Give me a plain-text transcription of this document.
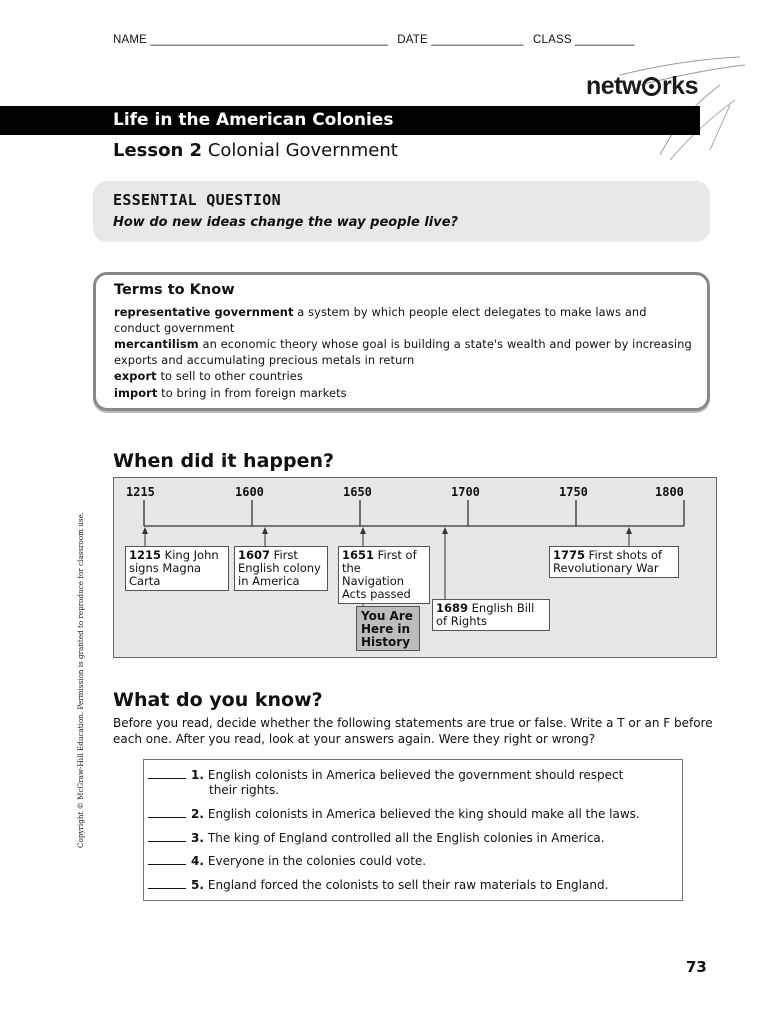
NAME ____________________________________ DATE ______________ CLASS _________
netw rks
Life in the American Colonies
Lesson 2 Colonial Government
ESSENTIAL QUESTION
How do new ideas change the way people live?
Terms to Know
representative government a system by which people elect delegates to make laws and conduct government
mercantilism an economic theory whose goal is building a state's wealth and power by increasing exports and accumulating precious metals in return
export to sell to other countries
import to bring in from foreign markets
When did it happen?
1215	1600	1650	1700	1750	1800
1215 King John signs Magna Carta
1607 First English colony in America
1651 First of the Navigation Acts passed
1689 English Bill of Rights
1775 First shots of Revolutionary War
You Are Here in History
What do you know?
Before you read, decide whether the following statements are true or false. Write a T or an F before each one. After you read, look at your answers again. Were they right or wrong?
1. English colonists in America believed the government should respect
their rights.
2. English colonists in America believed the king should make all the laws.
3. The king of England controlled all the English colonies in America.
4. Everyone in the colonies could vote.
5. England forced the colonists to sell their raw materials to England.
Copyright © McGraw-Hill Education. Permission is granted to reproduce for classroom use.
73
